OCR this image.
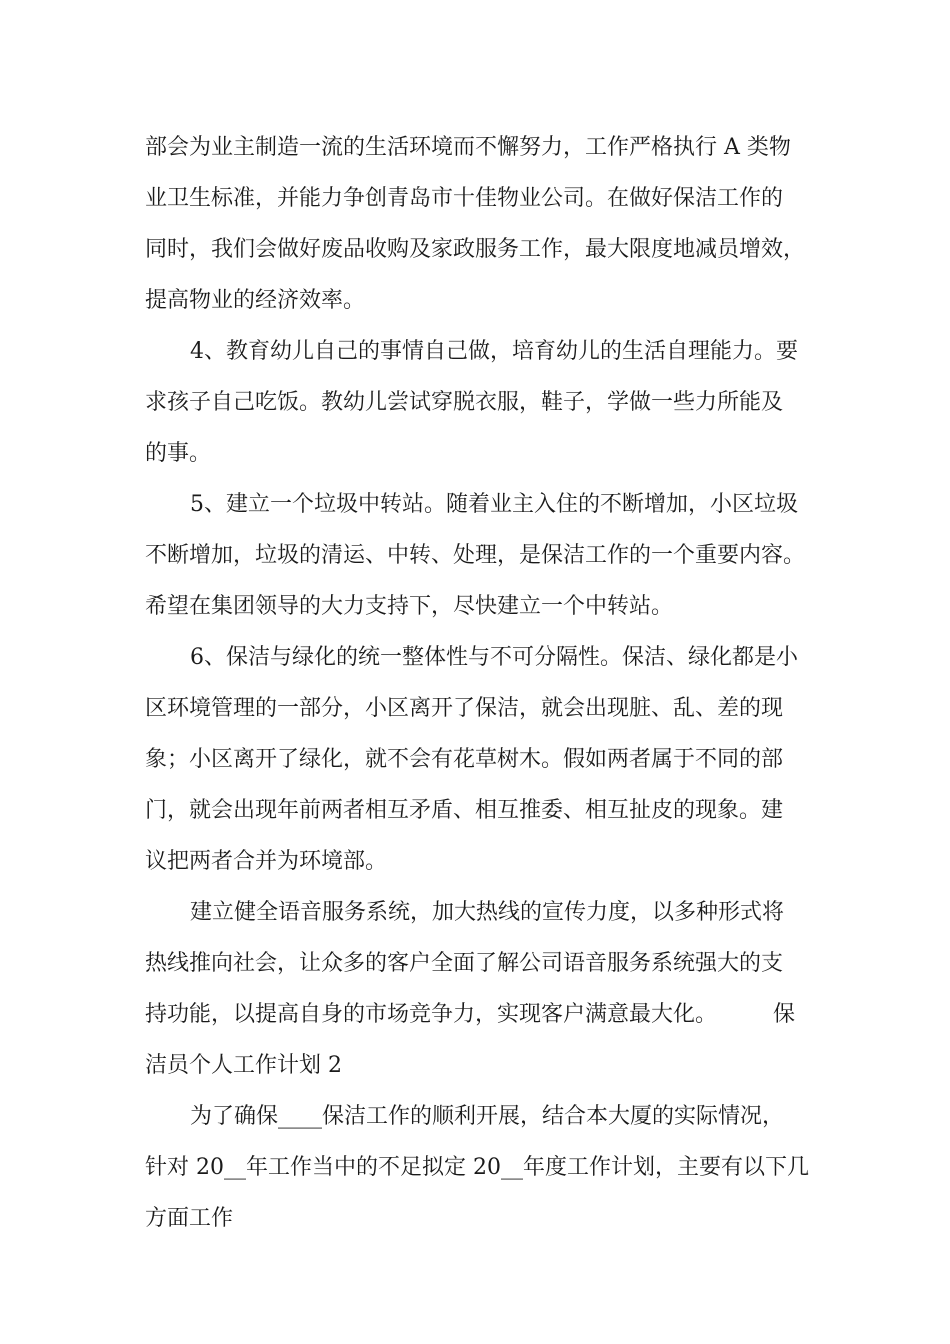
部会为业主制造一流的生活环境而不懈努力，工作严格执行 A 类物
业卫生标准，并能力争创青岛市十佳物业公司。在做好保洁工作的
同时，我们会做好废品收购及家政服务工作，最大限度地减员增效，
提高物业的经济效率。
4、教育幼儿自己的事情自己做，培育幼儿的生活自理能力。要
求孩子自己吃饭。教幼儿尝试穿脱衣服，鞋子，学做一些力所能及
的事。
5、建立一个垃圾中转站。随着业主入住的不断增加，小区垃圾
不断增加，垃圾的清运、中转、处理，是保洁工作的一个重要内容。
希望在集团领导的大力支持下，尽快建立一个中转站。
6、保洁与绿化的统一整体性与不可分隔性。保洁、绿化都是小
区环境管理的一部分，小区离开了保洁，就会出现脏、乱、差的现
象；小区离开了绿化，就不会有花草树木。假如两者属于不同的部
门，就会出现年前两者相互矛盾、相互推委、相互扯皮的现象。建
议把两者合并为环境部。
建立健全语音服务系统，加大热线的宣传力度，以多种形式将
热线推向社会，让众多的客户全面了解公司语音服务系统强大的支
持功能，以提高自身的市场竞争力，实现客户满意最大化。        保
洁员个人工作计划 2
为了确保____保洁工作的顺利开展，结合本大厦的实际情况，
针对 20__年工作当中的不足拟定 20__年度工作计划，主要有以下几
方面工作
